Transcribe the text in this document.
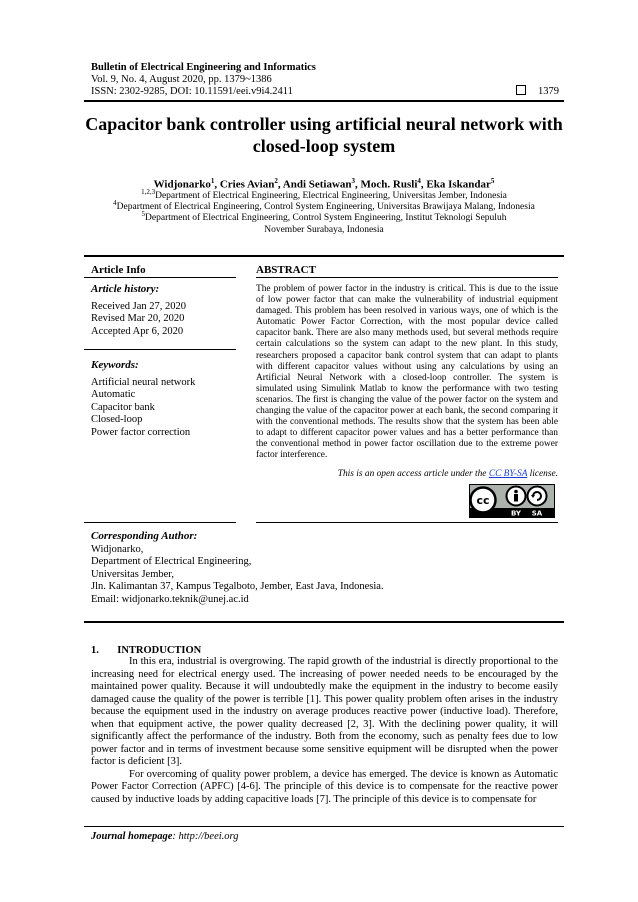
Bulletin of Electrical Engineering and Informatics
Vol. 9, No. 4, August 2020, pp. 1379~1386
ISSN: 2302-9285, DOI: 10.11591/eei.v9i4.2411	1379
Capacitor bank controller using artificial neural network with closed-loop system
Widjonarko$^1$, Cries Avian$^2$, Andi Setiawan$^3$, Moch. Rusli$^4$, Eka Iskandar$^5$
$^{1,2,3}$Department of Electrical Engineering, Electrical Engineering, Universitas Jember, Indonesia
$^4$Department of Electrical Engineering, Control System Engineering, Universitas Brawijaya Malang, Indonesia
$^5$Department of Electrical Engineering, Control System Engineering, Institut Teknologi Sepuluh November Surabaya, Indonesia
Article Info
Article history:
Received Jan 27, 2020
Revised Mar 20, 2020
Accepted Apr 6, 2020
Keywords:
Artificial neural network
Automatic
Capacitor bank
Closed-loop
Power factor correction
ABSTRACT
The problem of power factor in the industry is critical. This is due to the issue of low power factor that can make the vulnerability of industrial equipment damaged. This problem has been resolved in various ways, one of which is the Automatic Power Factor Correction, with the most popular device called capacitor bank. There are also many methods used, but several methods require certain calculations so the system can adapt to the new plant. In this study, researchers proposed a capacitor bank control system that can adapt to plants with different capacitor values without using any calculations by using an Artificial Neural Network with a closed-loop controller. The system is simulated using Simulink Matlab to know the performance with two testing scenarios. The first is changing the value of the power factor on the system and changing the value of the capacitor power at each bank, the second comparing it with the conventional methods. The results show that the system has been able to adapt to different capacitor power values and has a better performance than the conventional method in power factor oscillation due to the extreme power factor interference.
This is an open access article under the CC BY-SA license.
cc
BY SA
Corresponding Author:
Widjonarko,
Department of Electrical Engineering,
Universitas Jember,
Jln. Kalimantan 37, Kampus Tegalboto, Jember, East Java, Indonesia.
Email: widjonarko.teknik@unej.ac.id
1.       INTRODUCTION

In this era, industrial is overgrowing. The rapid growth of the industrial is directly proportional to the increasing need for electrical energy used. The increasing of power needed needs to be encouraged by the maintained power quality. Because it will undoubtedly make the equipment in the industry to become easily damaged cause the quality of the power is terrible [1]. This power quality problem often arises in the industry because the equipment used in the industry on average produces reactive power (inductive load). Therefore, when that equipment active, the power quality decreased [2, 3]. With the declining power quality, it will significantly affect the performance of the industry. Both from the economy, such as penalty fees due to low power factor and in terms of investment because some sensitive equipment will be disrupted when the power factor is deficient [3].

For overcoming of quality power problem, a device has emerged. The device is known as Automatic Power Factor Correction (APFC) [4-6]. The principle of this device is to compensate for the reactive power caused by inductive loads by adding capacitive loads [7]. The principle of this device is to compensate for

Journal homepage: http://beei.org
